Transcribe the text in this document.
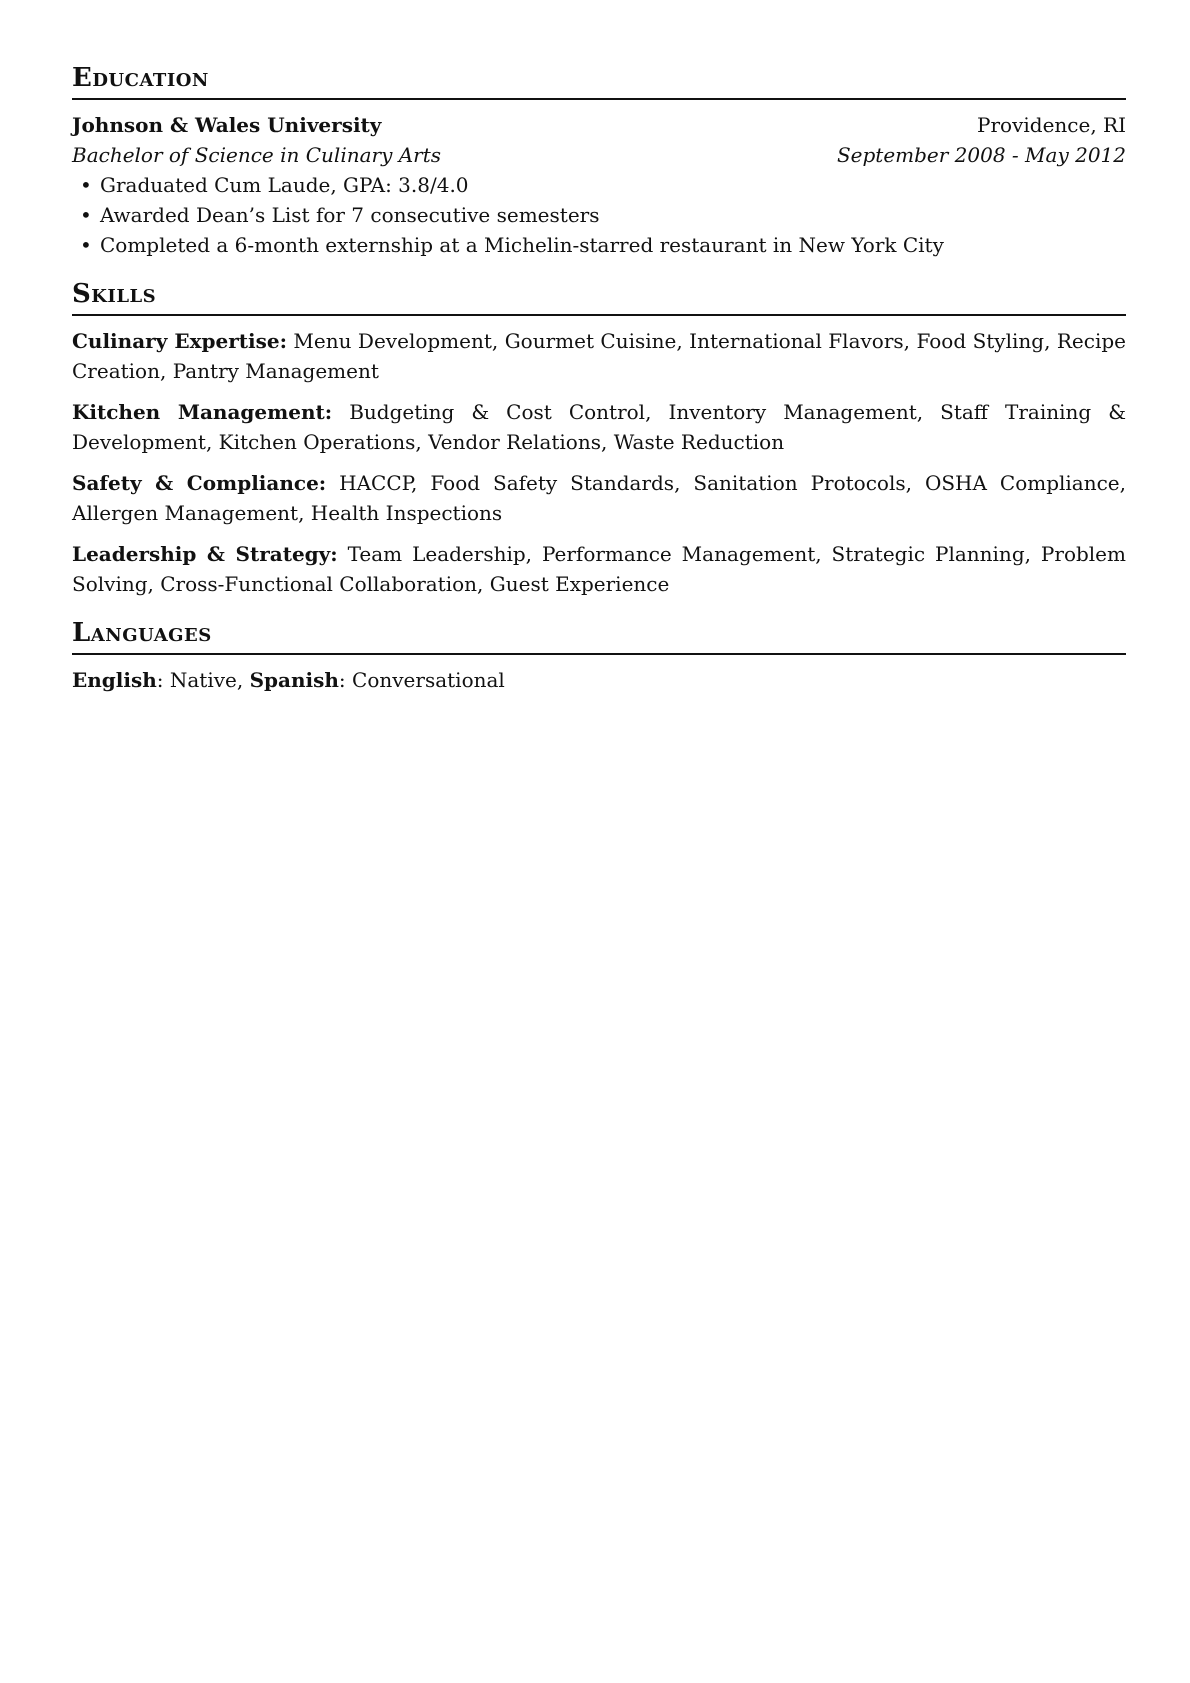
Education
Johnson & Wales University	Providence, RI
Bachelor of Science in Culinary Arts	September 2008 - May 2012
• Graduated Cum Laude, GPA: 3.8/4.0
• Awarded Dean’s List for 7 consecutive semesters
• Completed a 6-month externship at a Michelin-starred restaurant in New York City
Skills
Culinary Expertise: Menu Development, Gourmet Cuisine, International Flavors, Food Styling, Recipe Creation, Pantry Management
Kitchen Management: Budgeting & Cost Control, Inventory Management, Staff Training & Development, Kitchen Operations, Vendor Relations, Waste Reduction
Safety & Compliance: HACCP, Food Safety Standards, Sanitation Protocols, OSHA Compliance, Allergen Management, Health Inspections
Leadership & Strategy: Team Leadership, Performance Management, Strategic Planning, Problem Solving, Cross-Functional Collaboration, Guest Experience
Languages
English: Native, Spanish: Conversational
